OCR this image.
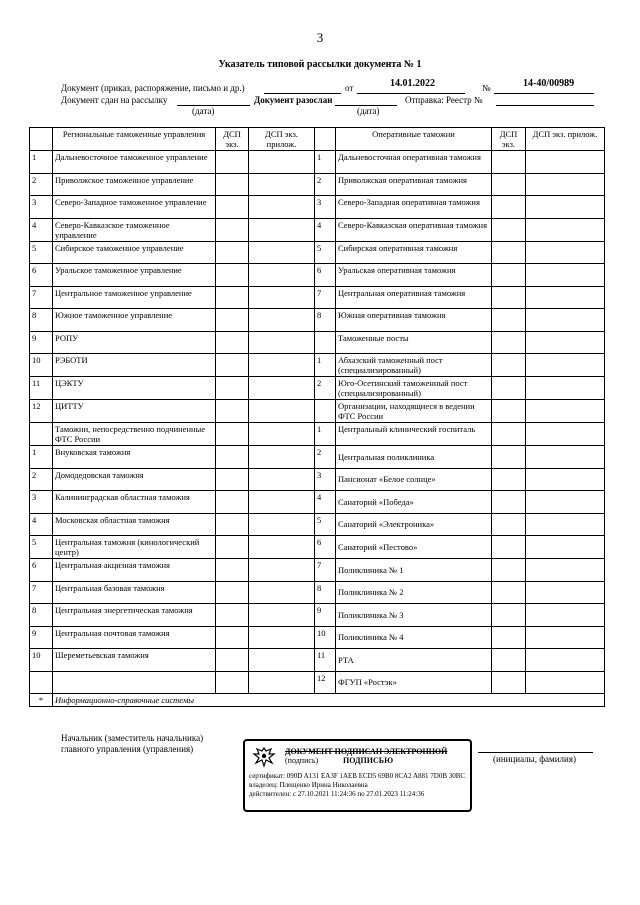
3
Указатель типовой рассылки документа № 1
Документ (приказ, распоряжение, письмо и др.)	от	14.01.2022	№	14-40/00989
Документ сдан на рассылку	Документ разослан	Отправка: Реестр №
(дата)	(дата)
	Региональные таможенные управления	ДСП экз.	ДСП экз. прилож.		Оперативные таможни	ДСП экз.	ДСП экз. прилож.
1	Дальневосточное таможенное управление			1	Дальневосточная оперативная таможня		
2	Приволжское таможенное управление			2	Приволжская оперативная таможня		
3	Северо-Западное таможенное управление			3	Северо-Западная оперативная таможня		
4	Северо-Кавказское таможенное управление			4	Северо-Кавказская оперативная таможня		
5	Сибирское таможенное управление			5	Сибирская оперативная таможня		
6	Уральское таможенное управление			6	Уральская оперативная таможня		
7	Центральное таможенное управление			7	Центральная оперативная таможня		
8	Южное таможенное управление			8	Южная оперативная таможня		
9	РОПУ				Таможенные посты		
10	РЭБОТИ			1	Абхазский таможенный пост (специализированный)		
11	ЦЭКТУ			2	Юго-Осетинский таможенный пост (специализированный)		
12	ЦИТТУ				Организации, находящиеся в ведении ФТС России		
	Таможни, непосредственно подчиненные ФТС России			1	Центральный клинический госпиталь		
1	Внуковская таможня			2	Центральная поликлиника		
2	Домодедовская таможня			3	Пансионат «Белое солнце»		
3	Калининградская областная таможня			4	Санаторий «Победа»		
4	Московская областная таможня			5	Санаторий «Электроника»		
5	Центральная таможня (кинологический центр)			6	Санаторий «Пестово»		
6	Центральная акцизная таможня			7	Поликлиника № 1		
7	Центральная базовая таможня			8	Поликлиника № 2		
8	Центральная энергетическая таможня			9	Поликлиника № 3		
9	Центральная почтовая таможня			10	Поликлиника № 4		
10	Шереметьевская таможня			11	РТА		
				12	ФГУП «Ростэк»		
*	Информационно-справочные системы						
Начальник (заместитель начальника)
главного управления (управления)
(инициалы, фамилия)
ДОКУМЕНТ ПОДПИСАН ЭЛЕКТРОННОЙ
(подпись)	ПОДПИСЬЮ
сертификат: 090D A131 EA3F 1AEB ECD5 69B0 8CA2 A881 7D0B 30BC
владелец: Плещенко Ирина Николаевна
действителен: с 27.10.2021 11:24:36 по 27.01.2023 11:24:36
